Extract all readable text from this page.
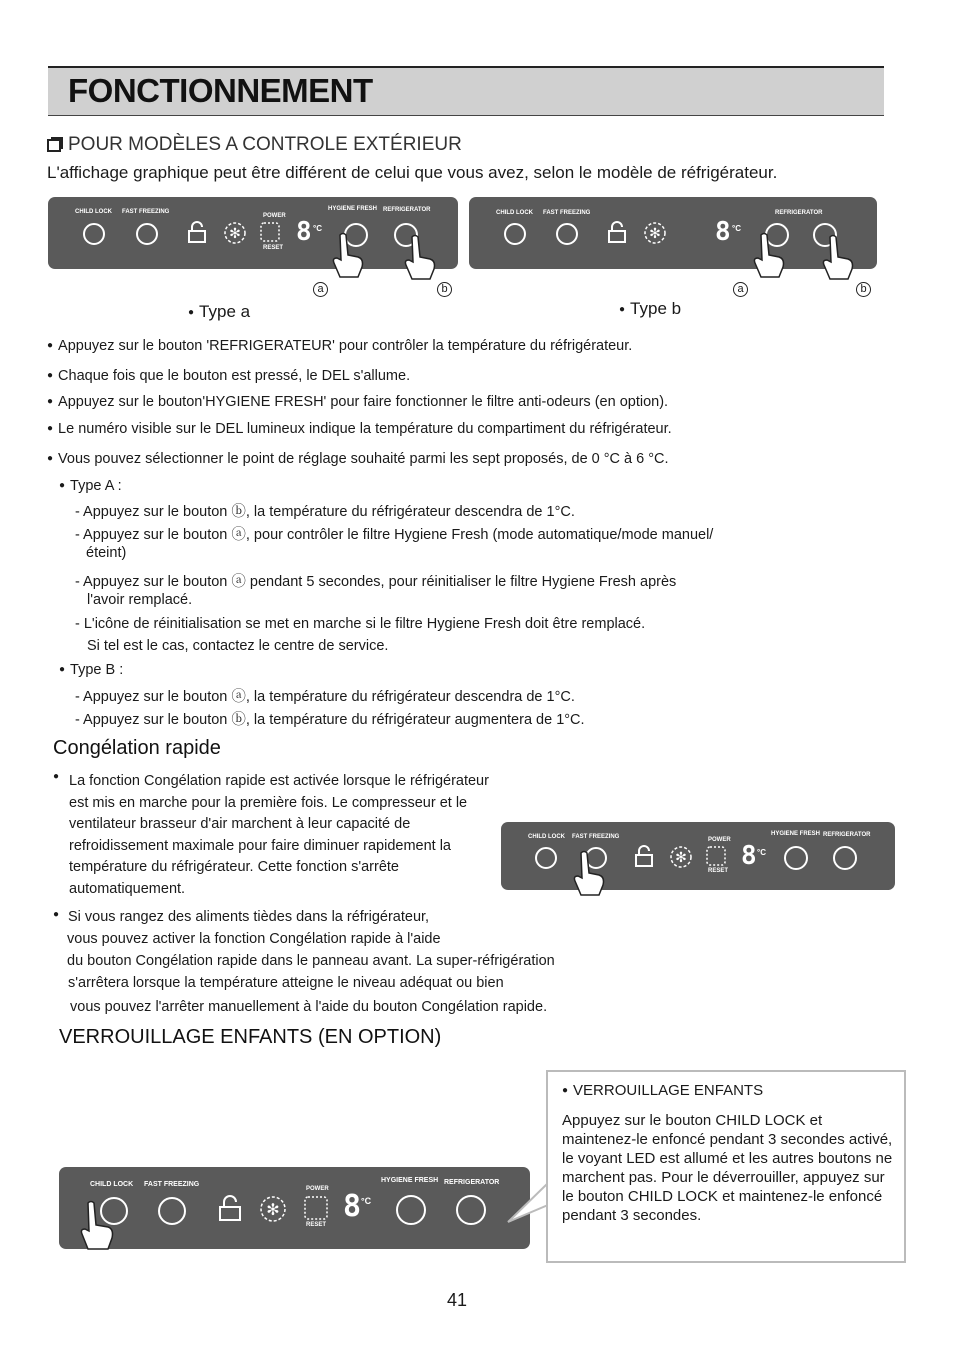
FONCTIONNEMENT
POUR MODÈLES A CONTROLE EXTÉRIEUR
L'affichage graphique peut être différent de celui que vous avez, selon le modèle de réfrigérateur.
CHILD LOCK FAST FREEZING	HYGIENE FRESH REFRIGERATOR
POWER
RESET
✻ 8 °C
a	b
● Type a
CHILD LOCK FAST FREEZING	REFRIGERATOR
✻ 8 °C
a	b
● Type b
● Appuyez sur le bouton 'REFRIGERATEUR' pour contrôler la température du réfrigérateur.
● Chaque fois que le bouton est pressé, le DEL s'allume.
● Appuyez sur le bouton'HYGIENE FRESH' pour faire fonctionner le filtre anti-odeurs (en option).
● Le numéro visible sur le DEL lumineux indique la température du compartiment du réfrigérateur.
● Vous pouvez sélectionner le point de réglage souhaité parmi les sept proposés, de 0 °C à 6 °C.
● Type A :
- Appuyez sur le bouton ⓑ, la température du réfrigérateur descendra de 1°C.
- Appuyez sur le bouton ⓐ, pour contrôler le filtre Hygiene Fresh (mode automatique/mode manuel/
éteint)
- Appuyez sur le bouton ⓐ pendant 5 secondes, pour réinitialiser le filtre Hygiene Fresh après
l'avoir remplacé.
- L'icône de réinitialisation se met en marche si le filtre Hygiene Fresh doit être remplacé.
Si tel est le cas, contactez le centre de service.
● Type B :
- Appuyez sur le bouton ⓐ, la température du réfrigérateur descendra de 1°C.
- Appuyez sur le bouton ⓑ, la température du réfrigérateur augmentera de 1°C.
Congélation rapide
● La fonction Congélation rapide est activée lorsque le réfrigérateur est mis en marche pour la première fois. Le compresseur et le ventilateur brasseur d'air marchent à leur capacité de refroidissement maximale pour faire diminuer rapidement la température du réfrigérateur. Cette fonction s'arrête automatiquement.
CHILD LOCK FAST FREEZING	HYGIENE FRESH REFRIGERATOR
POWER
RESET
✻ 8 °C
● Si vous rangez des aliments tièdes dans la réfrigérateur,
vous pouvez activer la fonction Congélation rapide à l'aide
du bouton Congélation rapide dans le panneau avant. La super-réfrigération
s'arrêtera lorsque la température atteigne le niveau adéquat ou bien
vous pouvez l'arrêter manuellement à l'aide du bouton Congélation rapide.
VERROUILLAGE ENFANTS (EN OPTION)
CHILD LOCK FAST FREEZING
HYGIENE FRESH REFRIGERATOR
POWER
RESET
✻ 8 °C
● VERROUILLAGE ENFANTS
Appuyez sur le bouton CHILD LOCK et maintenez-le enfoncé pendant 3 secondes activé, le voyant LED est allumé et les autres boutons ne marchent pas. Pour le déverrouiller, appuyez sur le bouton CHILD LOCK et maintenez-le enfoncé pendant 3 secondes.
41
